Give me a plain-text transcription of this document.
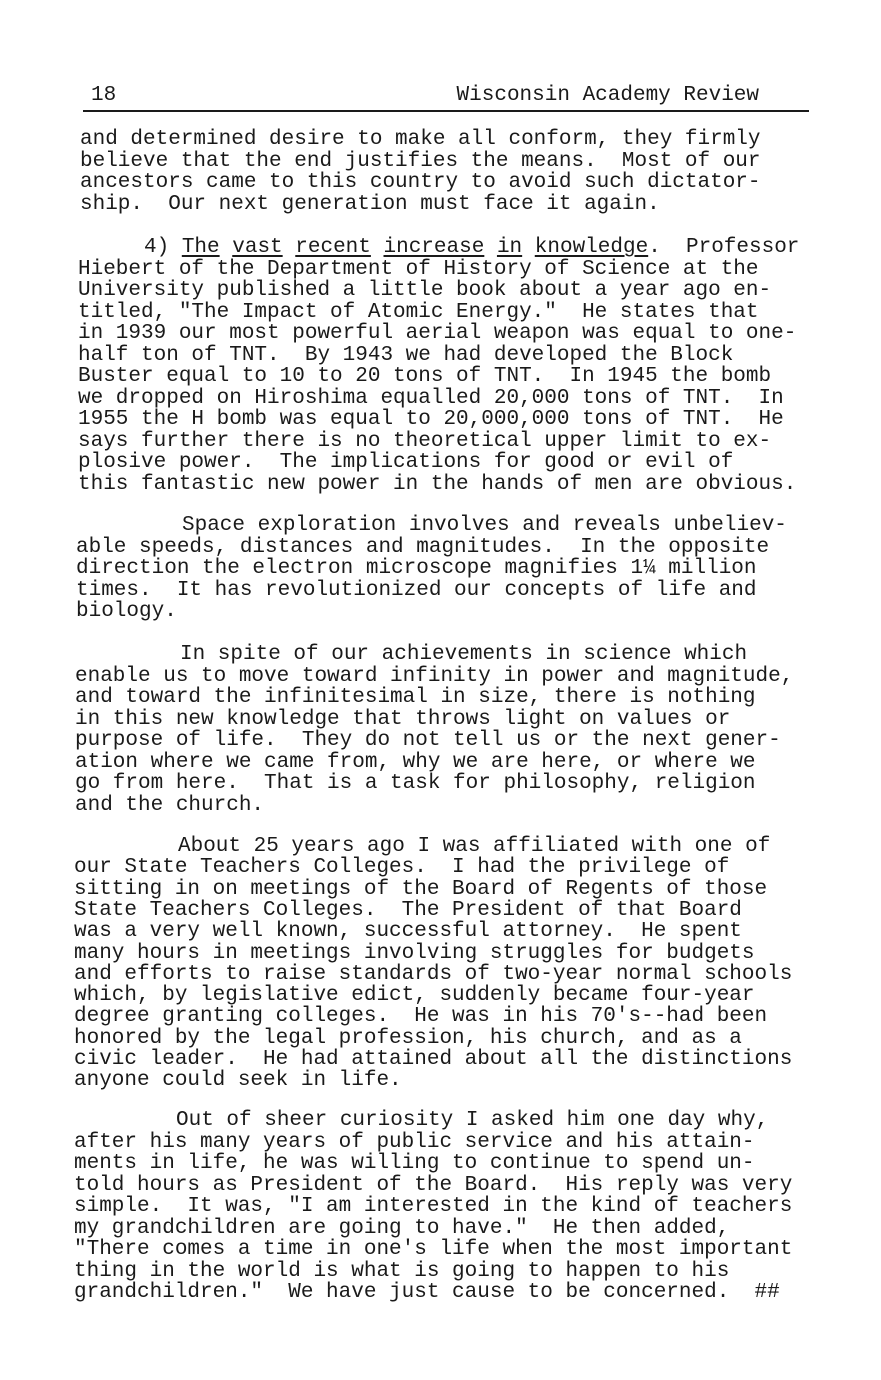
18	Wisconsin Academy Review
and determined desire to make all conform, they firmly
believe that the end justifies the means.  Most of our
ancestors came to this country to avoid such dictator-
ship.  Our next generation must face it again.
4) The vast recent increase in knowledge.  Professor
Hiebert of the Department of History of Science at the
University published a little book about a year ago en-
titled, "The Impact of Atomic Energy."  He states that
in 1939 our most powerful aerial weapon was equal to one-
half ton of TNT.  By 1943 we had developed the Block
Buster equal to 10 to 20 tons of TNT.  In 1945 the bomb
we dropped on Hiroshima equalled 20,000 tons of TNT.  In
1955 the H bomb was equal to 20,000,000 tons of TNT.  He
says further there is no theoretical upper limit to ex-
plosive power.  The implications for good or evil of
this fantastic new power in the hands of men are obvious.
Space exploration involves and reveals unbeliev-
able speeds, distances and magnitudes.  In the opposite
direction the electron microscope magnifies 1¼ million
times.  It has revolutionized our concepts of life and
biology.
In spite of our achievements in science which
enable us to move toward infinity in power and magnitude,
and toward the infinitesimal in size, there is nothing
in this new knowledge that throws light on values or
purpose of life.  They do not tell us or the next gener-
ation where we came from, why we are here, or where we
go from here.  That is a task for philosophy, religion
and the church.
About 25 years ago I was affiliated with one of
our State Teachers Colleges.  I had the privilege of
sitting in on meetings of the Board of Regents of those
State Teachers Colleges.  The President of that Board
was a very well known, successful attorney.  He spent
many hours in meetings involving struggles for budgets
and efforts to raise standards of two-year normal schools
which, by legislative edict, suddenly became four-year
degree granting colleges.  He was in his 70's--had been
honored by the legal profession, his church, and as a
civic leader.  He had attained about all the distinctions
anyone could seek in life.
Out of sheer curiosity I asked him one day why,
after his many years of public service and his attain-
ments in life, he was willing to continue to spend un-
told hours as President of the Board.  His reply was very
simple.  It was, "I am interested in the kind of teachers
my grandchildren are going to have."  He then added,
"There comes a time in one's life when the most important
thing in the world is what is going to happen to his
grandchildren."  We have just cause to be concerned.  ##
